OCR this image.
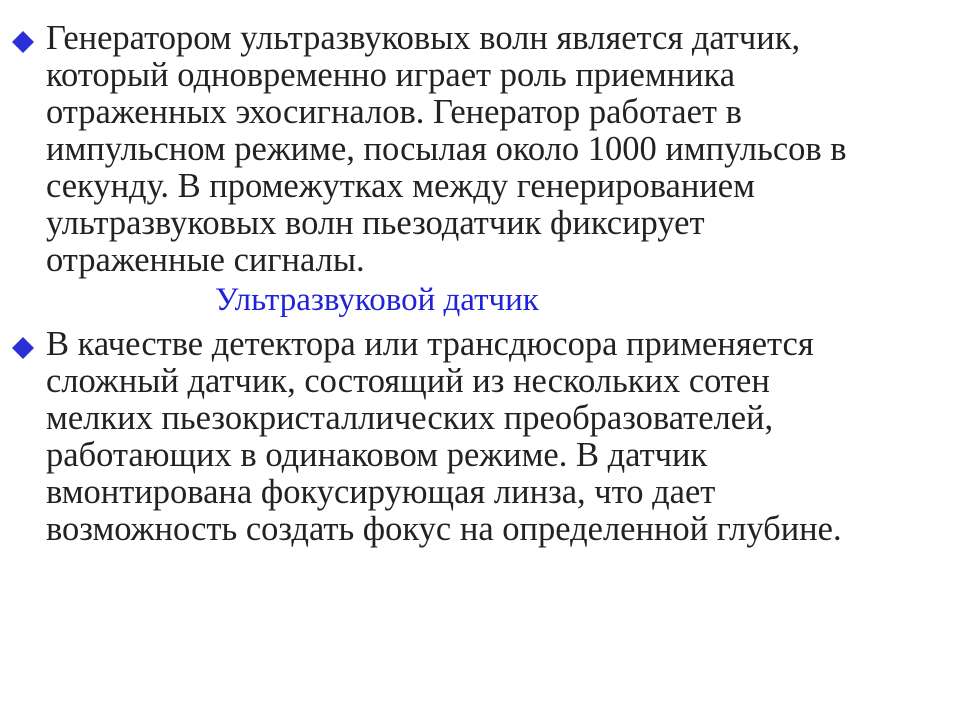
Генератором ультразвуковых волн является датчик,
который одновременно играет роль приемника
отраженных эхосигналов. Генератор работает в
импульсном режиме, посылая около 1000 импульсов в
секунду. В промежутках между генерированием
ультразвуковых волн пьезодатчик фиксирует
отраженные сигналы.
Ультразвуковой датчик
В качестве детектора или трансдюсора применяется
сложный датчик, состоящий из нескольких сотен
мелких пьезокристаллических преобразователей,
работающих в одинаковом режиме. В датчик
вмонтирована фокусирующая линза, что дает
возможность создать фокус на определенной глубине.
